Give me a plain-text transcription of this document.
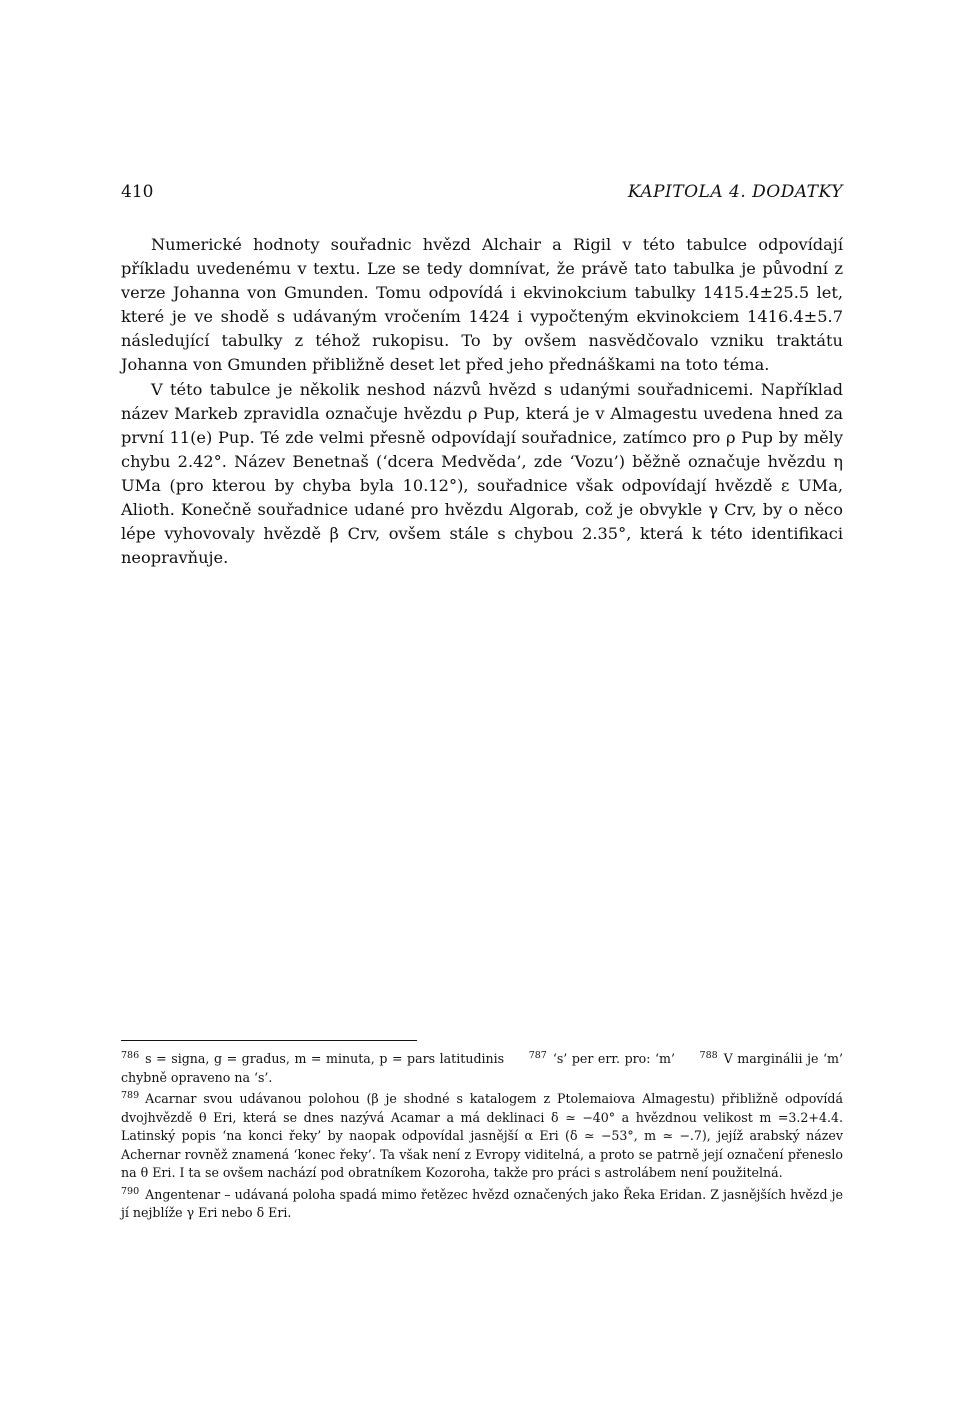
410	KAPITOLA 4. DODATKY

Numerické hodnoty souřadnic hvězd Alchair a Rigil v této tabulce odpovídají příkladu uvedenému v textu. Lze se tedy domnívat, že právě tato tabulka je původní z verze Johanna von Gmunden. Tomu odpovídá i ekvinokcium tabulky 1415.4±25.5 let, které je ve shodě s udávaným vročením 1424 i vypočteným ekvinokciem 1416.4±5.7 následující tabulky z téhož rukopisu. To by ovšem nasvědčovalo vzniku traktátu Johanna von Gmunden přibližně deset let před jeho přednáškami na toto téma.

V této tabulce je několik neshod názvů hvězd s udanými souřadnicemi. Například název Markeb zpravidla označuje hvězdu ρ Pup, která je v Almagestu uvedena hned za první 11(e) Pup. Té zde velmi přesně odpovídají souřadnice, zatímco pro ρ Pup by měly chybu 2.42°. Název Benetnaš (‘dcera Medvěda’, zde ‘Vozu’) běžně označuje hvězdu η UMa (pro kterou by chyba byla 10.12°), souřadnice však odpovídají hvězdě ε UMa, Alioth. Konečně souřadnice udané pro hvězdu Algorab, což je obvykle γ Crv, by o něco lépe vyhovovaly hvězdě β Crv, ovšem stále s chybou 2.35°, která k této identifikaci neopravňuje.

$^{786}$ s = signa, g = gradus, m = minuta, p = pars latitudinis	$^{787}$ ‘s’ per err. pro: ‘m’	$^{788}$ V marginálii je ‘m’ chybně opraveno na ‘s’.

$^{789}$ Acarnar svou udávanou polohou (β je shodné s katalogem z Ptolemaiova Almagestu) přibližně odpovídá dvojhvězdě θ Eri, která se dnes nazývá Acamar a má deklinaci δ ≃ −40° a hvězdnou velikost m =3.2+4.4. Latinský popis ‘na konci řeky’ by naopak odpovídal jasnější α Eri (δ ≃ −53°, m ≃ −.7), jejíž arabský název Achernar rovněž znamená ‘konec řeky’. Ta však není z Evropy viditelná, a proto se patrně její označení přeneslo na θ Eri. I ta se ovšem nachází pod obratníkem Kozoroha, takže pro práci s astrolábem není použitelná.

$^{790}$ Angentenar – udávaná poloha spadá mimo řetězec hvězd označených jako Řeka Eridan. Z jasnějších hvězd je jí nejblíže γ Eri nebo δ Eri.
